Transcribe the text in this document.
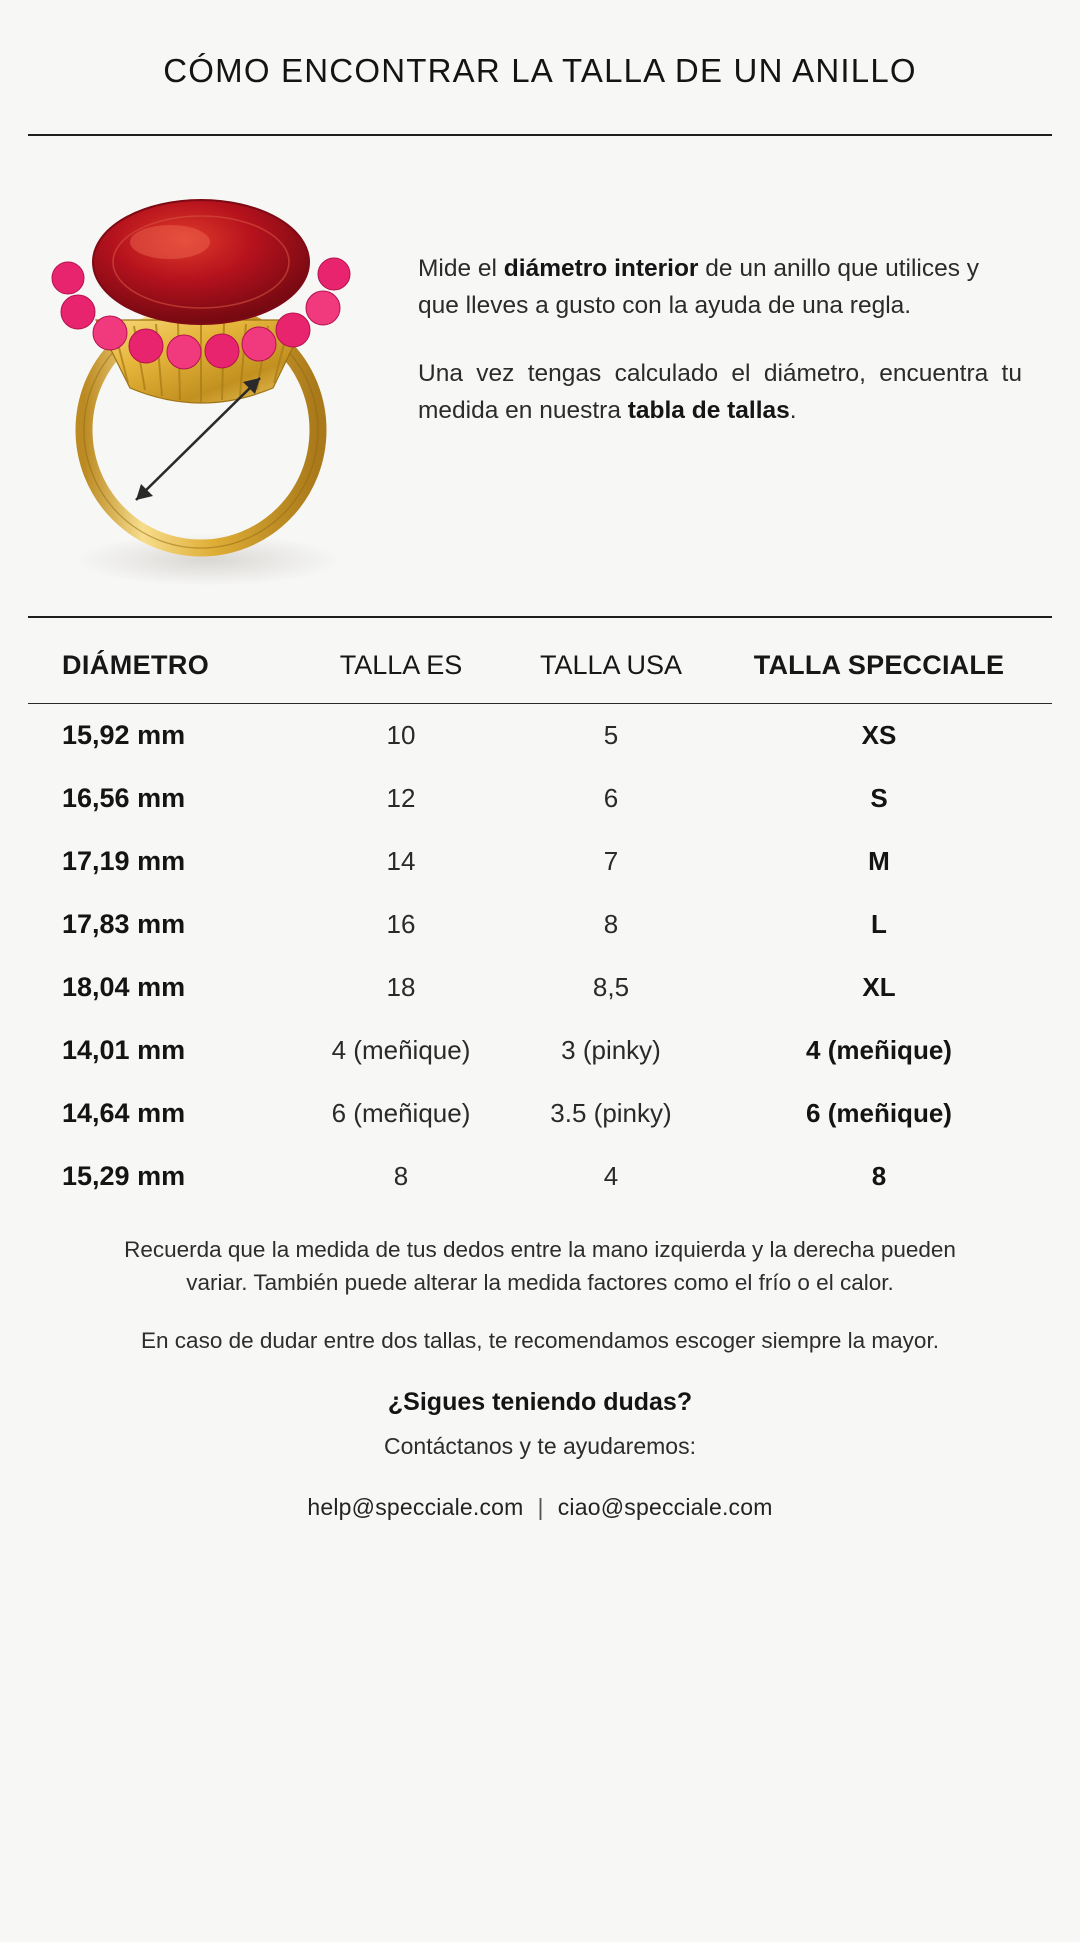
CÓMO ENCONTRAR LA TALLA DE UN ANILLO

Mide el diámetro interior de un anillo que utilices y que lleves a gusto con la ayuda de una regla.

Una vez tengas calculado el diámetro, encuentra tu medida en nuestra tabla de tallas.

DIÁMETRO	TALLA ES	TALLA USA	TALLA SPECCIALE
15,92 mm	10	5	XS
16,56 mm	12	6	S
17,19 mm	14	7	M
17,83 mm	16	8	L
18,04 mm	18	8,5	XL
14,01 mm	4 (meñique)	3 (pinky)	4 (meñique)
14,64 mm	6 (meñique)	3.5 (pinky)	6 (meñique)
15,29 mm	8	4	8

Recuerda que la medida de tus dedos entre la mano izquierda y la derecha pueden variar. También puede alterar la medida factores como el frío o el calor.

En caso de dudar entre dos tallas, te recomendamos escoger siempre la mayor.

¿Sigues teniendo dudas?

Contáctanos y te ayudaremos:

help@specciale.com | ciao@specciale.com
